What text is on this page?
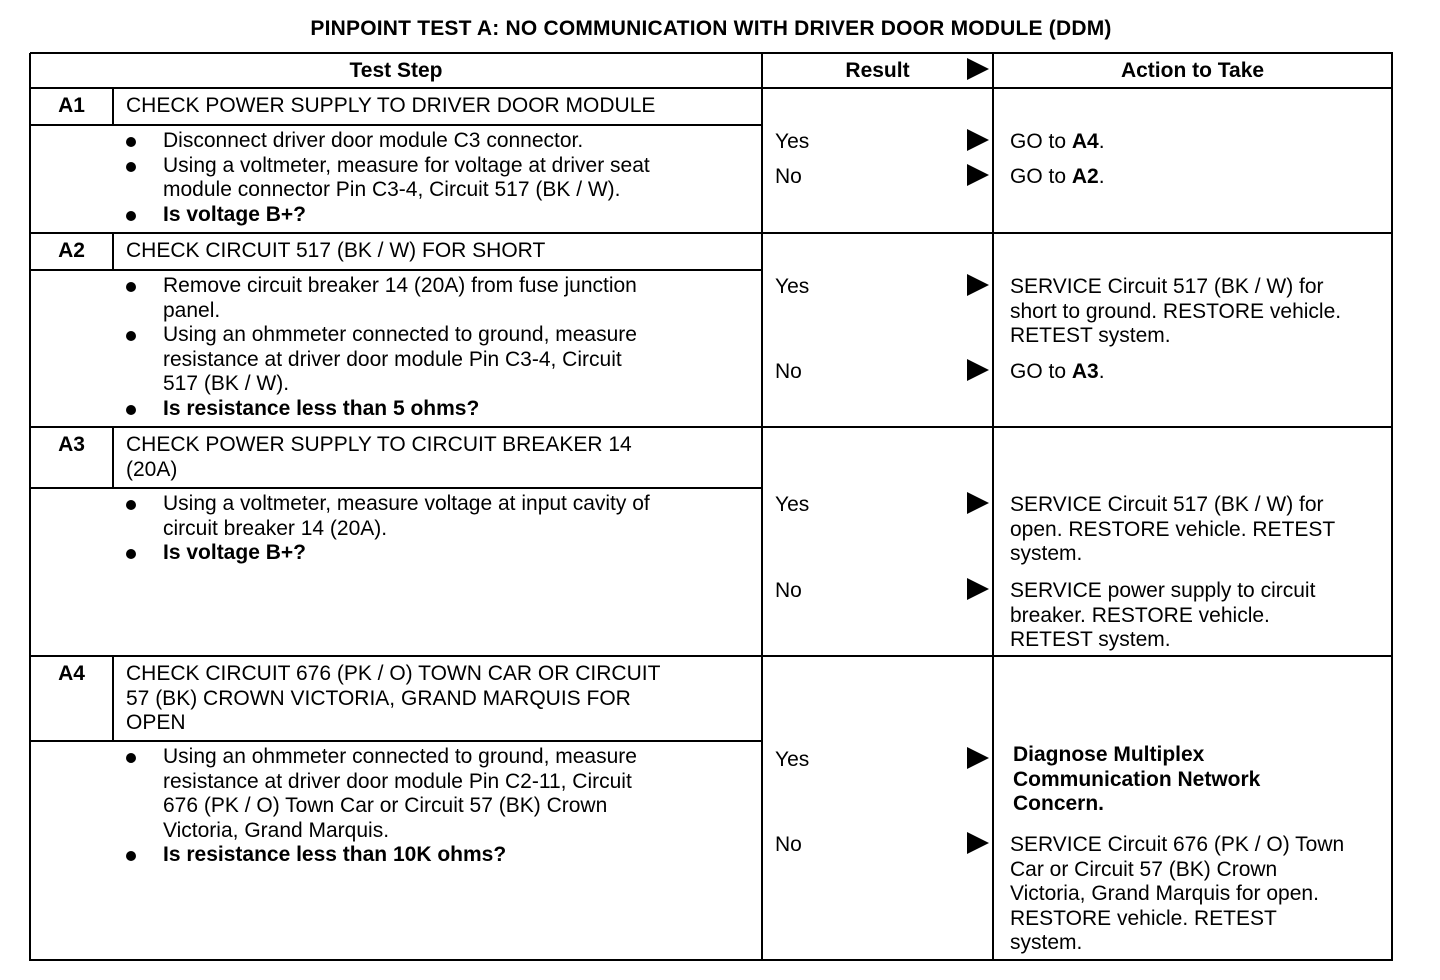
PINPOINT TEST A: NO COMMUNICATION WITH DRIVER DOOR MODULE (DDM)
Test Step	Result	Action to Take
A1	CHECK POWER SUPPLY TO DRIVER DOOR MODULE
Disconnect driver door module C3 connector.
Using a voltmeter, measure for voltage at driver seat
module connector Pin C3-4, Circuit 517 (BK / W).
Is voltage B+?
Yes	GO to A4.
No	GO to A2.
A2	CHECK CIRCUIT 517 (BK / W) FOR SHORT
Remove circuit breaker 14 (20A) from fuse junction
panel.
Using an ohmmeter connected to ground, measure
resistance at driver door module Pin C3-4, Circuit
517 (BK / W).
Is resistance less than 5 ohms?
Yes	SERVICE Circuit 517 (BK / W) for
short to ground. RESTORE vehicle.
RETEST system.
No	GO to A3.
A3	CHECK POWER SUPPLY TO CIRCUIT BREAKER 14
(20A)
Using a voltmeter, measure voltage at input cavity of
circuit breaker 14 (20A).
Is voltage B+?
Yes	SERVICE Circuit 517 (BK / W) for
open. RESTORE vehicle. RETEST
system.
No	SERVICE power supply to circuit
breaker. RESTORE vehicle.
RETEST system.
A4	CHECK CIRCUIT 676 (PK / O) TOWN CAR OR CIRCUIT
57 (BK) CROWN VICTORIA, GRAND MARQUIS FOR
OPEN
Using an ohmmeter connected to ground, measure
resistance at driver door module Pin C2-11, Circuit
676 (PK / O) Town Car or Circuit 57 (BK) Crown
Victoria, Grand Marquis.
Is resistance less than 10K ohms?
Yes	Diagnose Multiplex
Communication Network
Concern.
No	SERVICE Circuit 676 (PK / O) Town
Car or Circuit 57 (BK) Crown
Victoria, Grand Marquis for open.
RESTORE vehicle. RETEST
system.
